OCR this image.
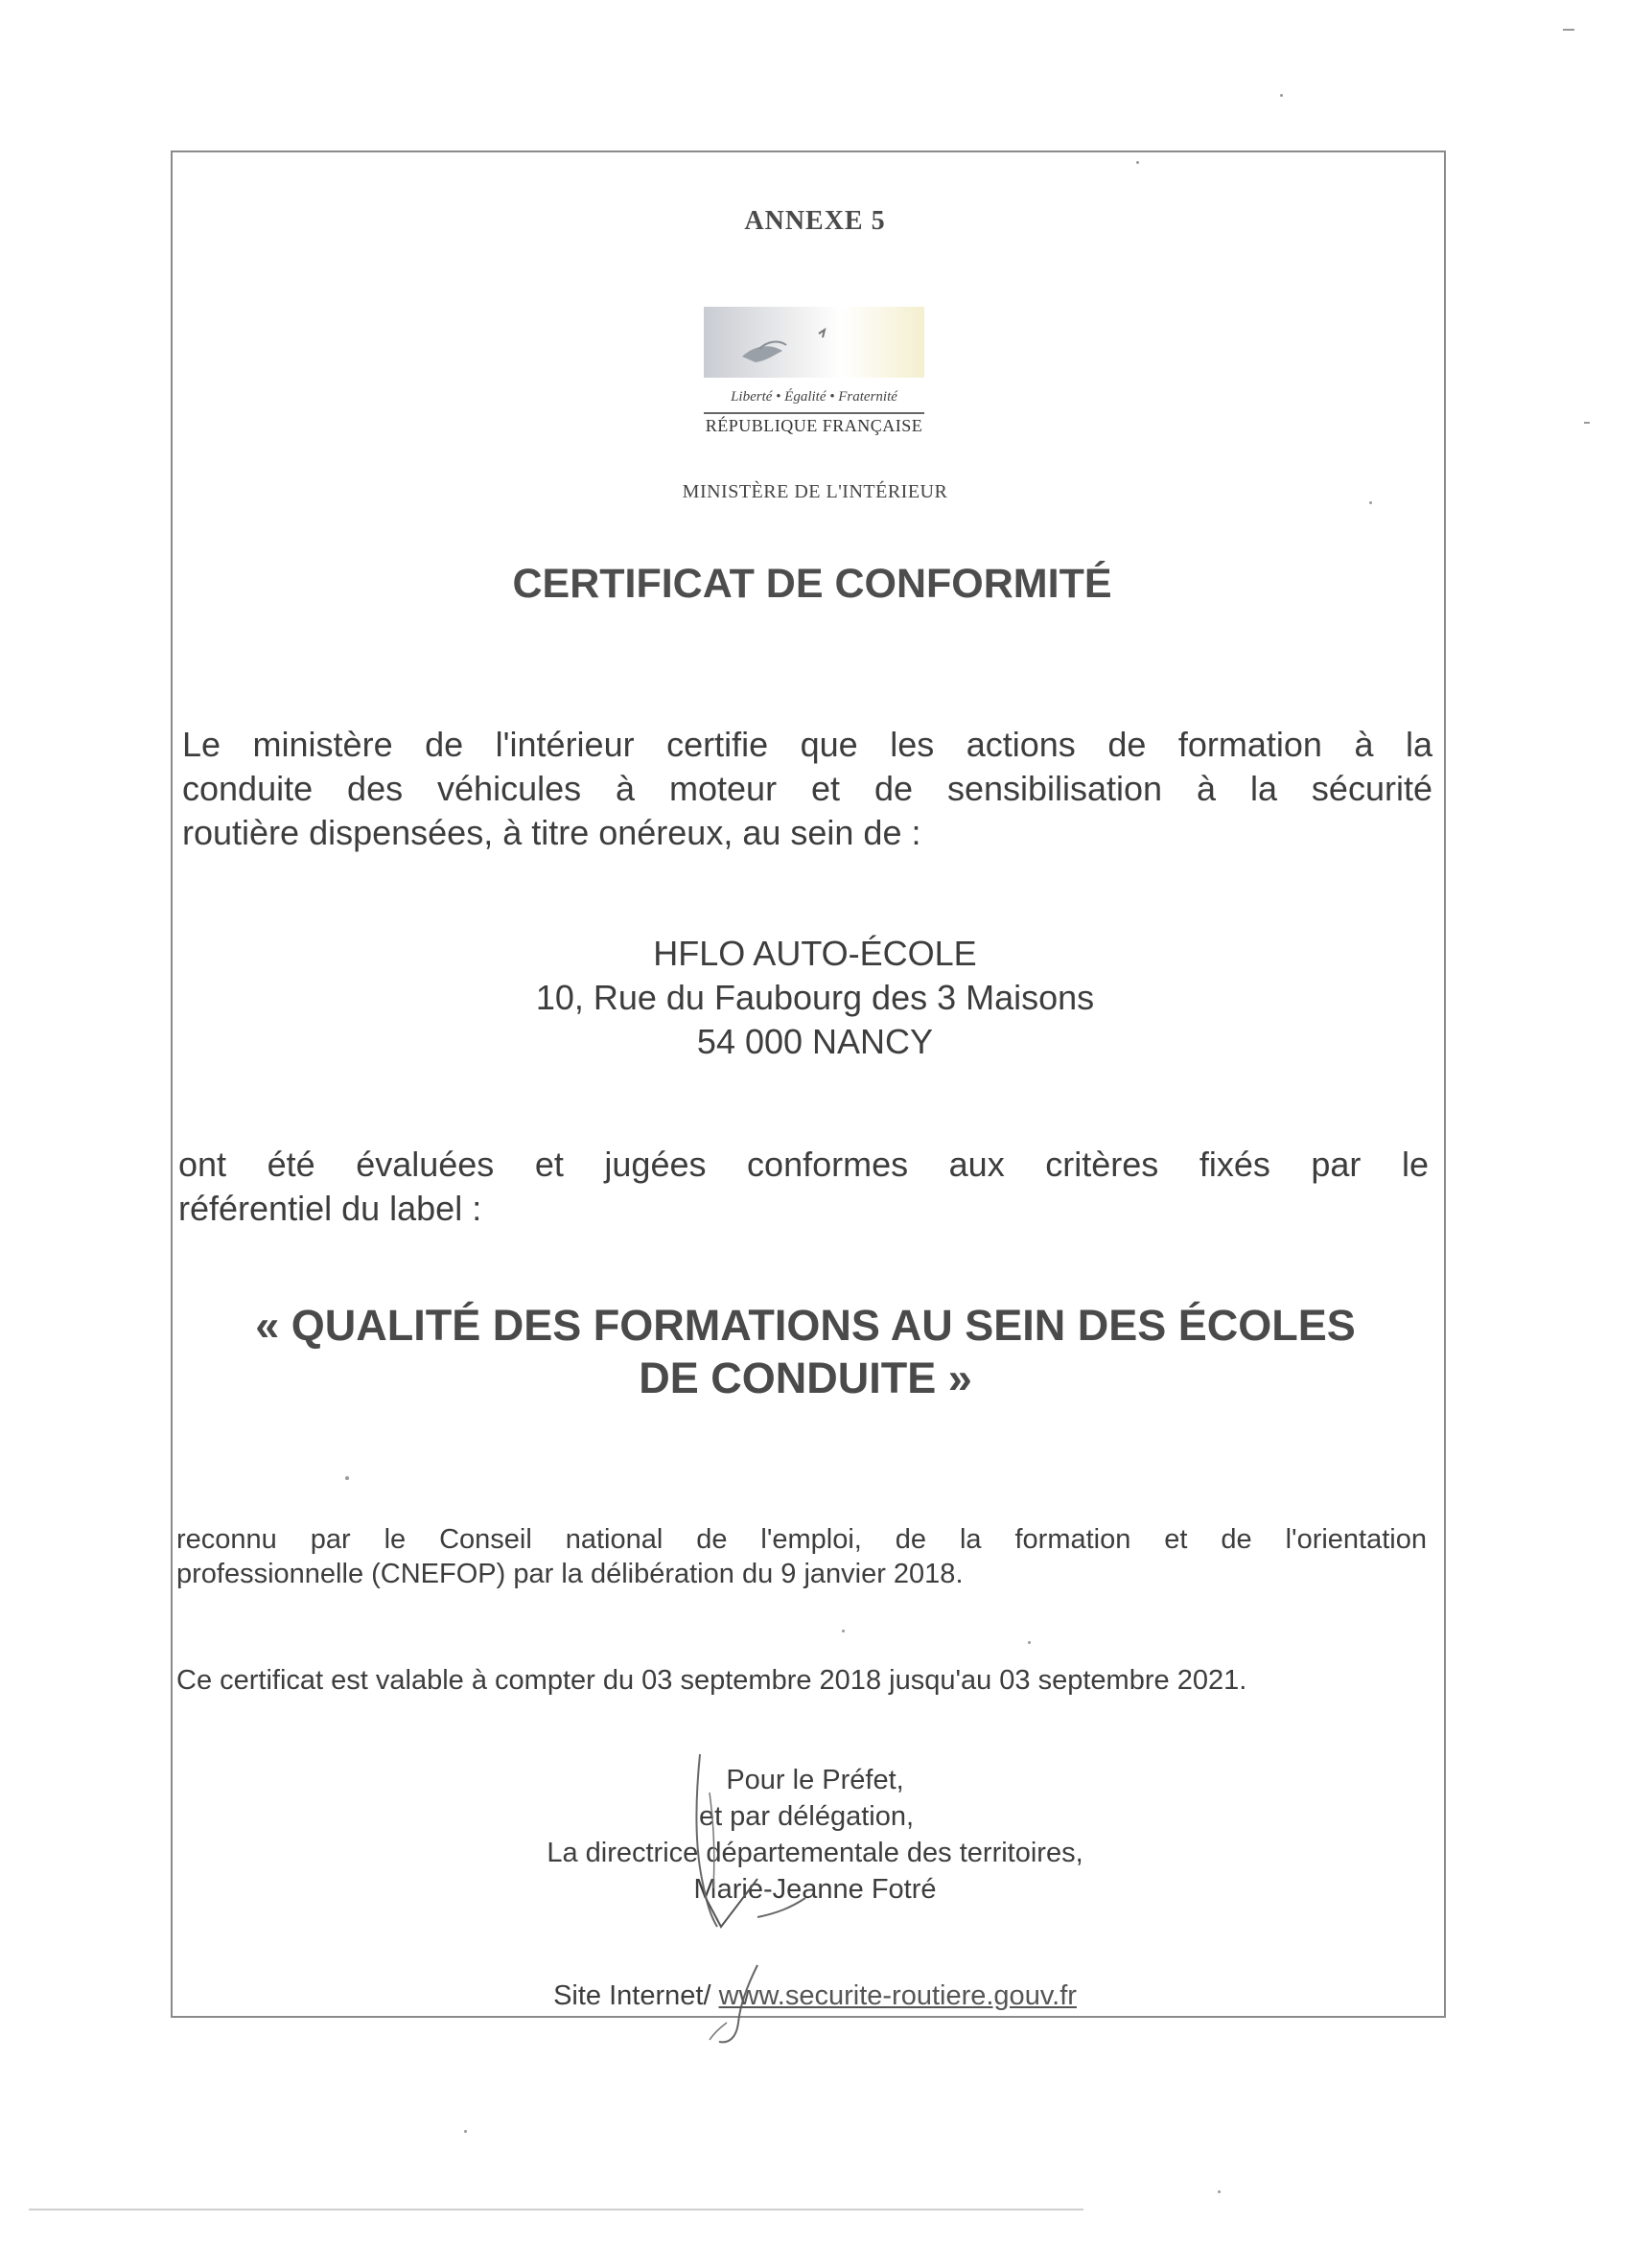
ANNEXE 5
Liberté • Égalité • Fraternité
RÉPUBLIQUE FRANÇAISE
MINISTÈRE DE L'INTÉRIEUR
CERTIFICAT DE CONFORMITÉ
Le ministère de l'intérieur certifie que les actions de formation à la
conduite des véhicules à moteur et de sensibilisation à la sécurité
routière dispensées, à titre onéreux, au sein de :
HFLO AUTO-ÉCOLE
10, Rue du Faubourg des 3 Maisons
54 000 NANCY
ont été évaluées et jugées conformes aux critères fixés par le
référentiel du label :
« QUALITÉ DES FORMATIONS AU SEIN DES ÉCOLES
DE CONDUITE »
reconnu par le Conseil national de l'emploi, de la formation et de l'orientation
professionnelle (CNEFOP) par la délibération du 9 janvier 2018.
Ce certificat est valable à compter du 03 septembre 2018 jusqu'au 03 septembre 2021.
Pour le Préfet,
et par délégation,
La directrice départementale des territoires,
Marie-Jeanne Fotré
Site Internet/ www.securite-routiere.gouv.fr
